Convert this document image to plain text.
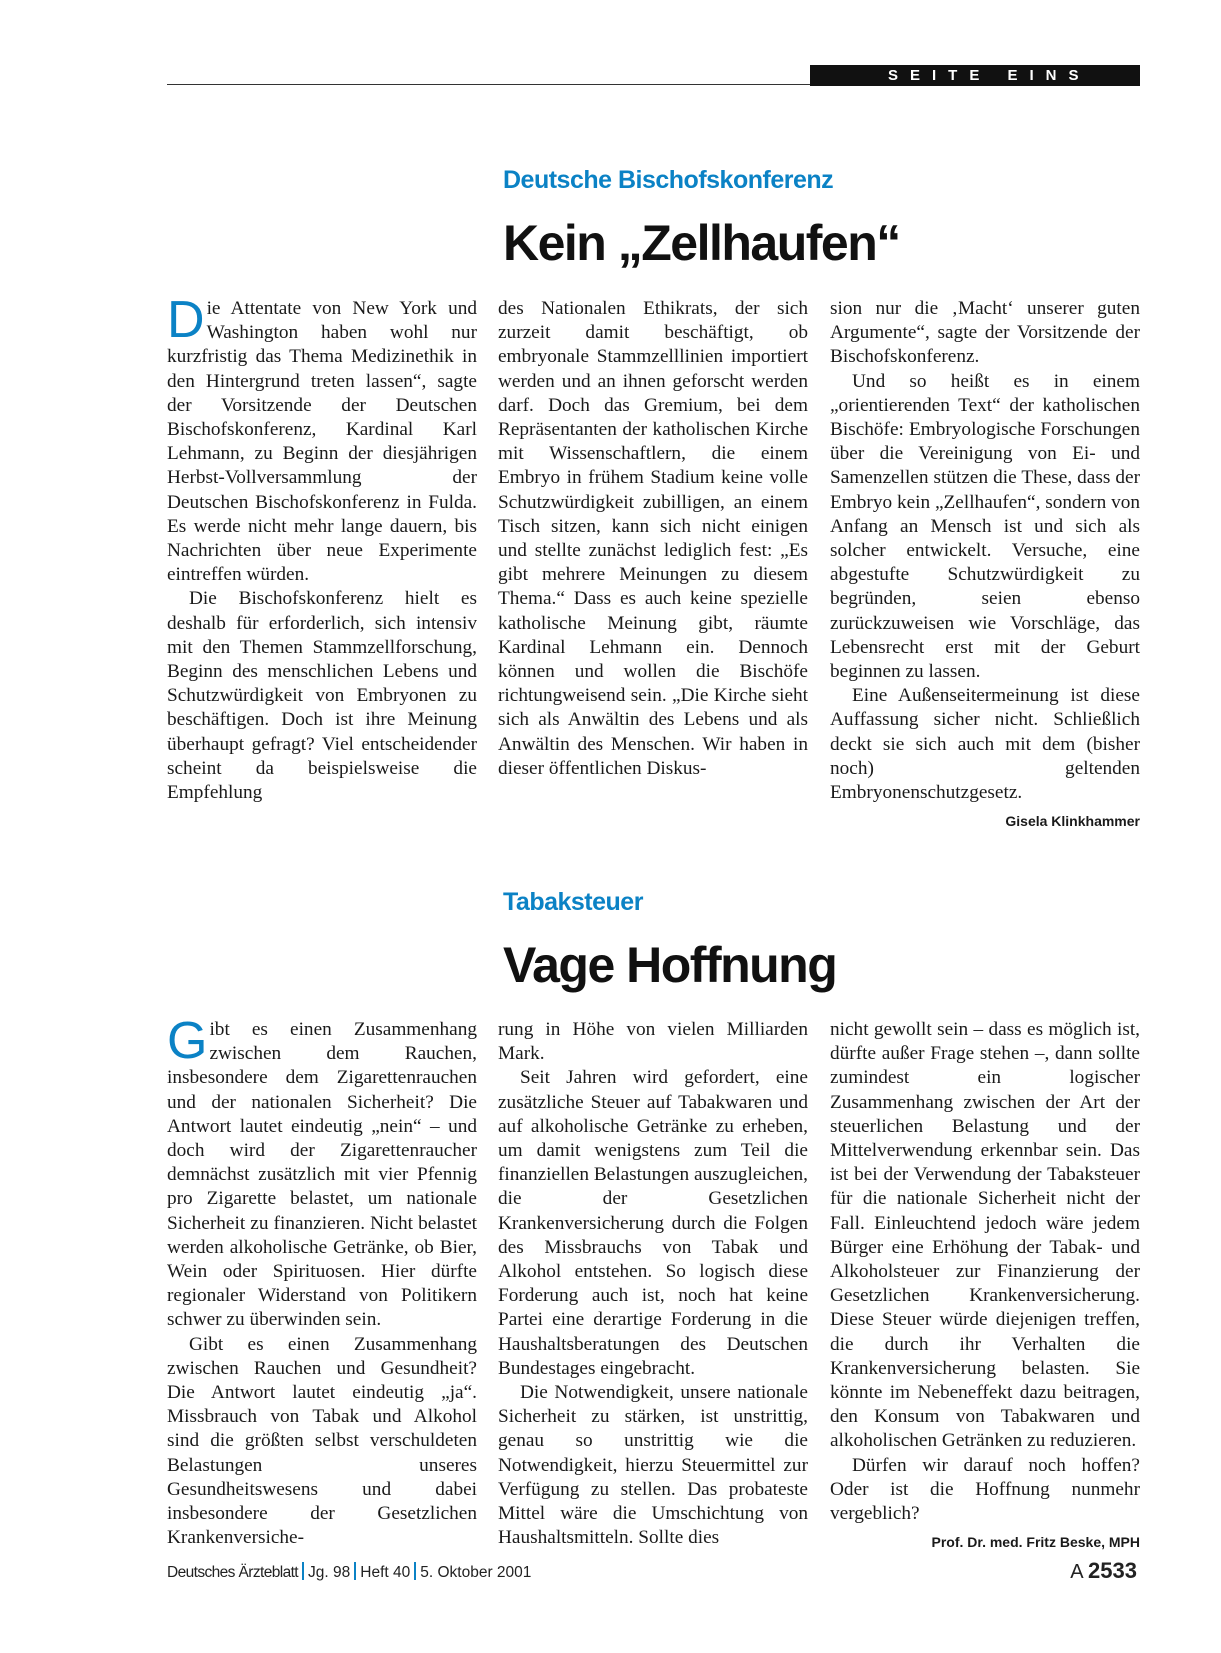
SEITE EINS
Deutsche Bischofskonferenz
Kein „Zellhaufen“

Die Attentate von New York und Washington haben wohl nur kurzfristig das Thema Medizinethik in den Hintergrund treten lassen“, sagte der Vorsitzende der Deutschen Bischofskonferenz, Kardinal Karl Lehmann, zu Beginn der diesjährigen Herbst-Vollversammlung der Deutschen Bischofskonferenz in Fulda. Es werde nicht mehr lange dauern, bis Nachrichten über neue Experimente eintreffen würden.

Die Bischofskonferenz hielt es deshalb für erforderlich, sich intensiv mit den Themen Stammzellforschung, Beginn des menschlichen Lebens und Schutzwürdigkeit von Embryonen zu beschäftigen. Doch ist ihre Meinung überhaupt gefragt? Viel entscheidender scheint da beispielsweise die Empfehlung

des Nationalen Ethikrats, der sich zurzeit damit beschäftigt, ob embryonale Stammzelllinien importiert werden und an ihnen geforscht werden darf. Doch das Gremium, bei dem Repräsentanten der katholischen Kirche mit Wissenschaftlern, die einem Embryo in frühem Stadium keine volle Schutzwürdigkeit zubilligen, an einem Tisch sitzen, kann sich nicht einigen und stellte zunächst lediglich fest: „Es gibt mehrere Meinungen zu diesem Thema.“ Dass es auch keine spezielle katholische Meinung gibt, räumte Kardinal Lehmann ein. Dennoch können und wollen die Bischöfe richtungweisend sein. „Die Kirche sieht sich als Anwältin des Lebens und als Anwältin des Menschen. Wir haben in dieser öffentlichen Diskus-

sion nur die ‚Macht‘ unserer guten Argumente“, sagte der Vorsitzende der Bischofskonferenz.

Und so heißt es in einem „orientierenden Text“ der katholischen Bischöfe: Embryologische Forschungen über die Vereinigung von Ei- und Samenzellen stützen die These, dass der Embryo kein „Zellhaufen“, sondern von Anfang an Mensch ist und sich als solcher entwickelt. Versuche, eine abgestufte Schutzwürdigkeit zu begründen, seien ebenso zurückzuweisen wie Vorschläge, das Lebensrecht erst mit der Geburt beginnen zu lassen.

Eine Außenseitermeinung ist diese Auffassung sicher nicht. Schließlich deckt sie sich auch mit dem (bisher noch) geltenden Embryonenschutzgesetz.
Gisela Klinkhammer

Tabaksteuer
Vage Hoffnung

Gibt es einen Zusammenhang zwischen dem Rauchen, insbesondere dem Zigarettenrauchen und der nationalen Sicherheit? Die Antwort lautet eindeutig „nein“ – und doch wird der Zigarettenraucher demnächst zusätzlich mit vier Pfennig pro Zigarette belastet, um nationale Sicherheit zu finanzieren. Nicht belastet werden alkoholische Getränke, ob Bier, Wein oder Spirituosen. Hier dürfte regionaler Widerstand von Politikern schwer zu überwinden sein.

Gibt es einen Zusammenhang zwischen Rauchen und Gesundheit? Die Antwort lautet eindeutig „ja“. Missbrauch von Tabak und Alkohol sind die größten selbst verschuldeten Belastungen unseres Gesundheitswesens und dabei insbesondere der Gesetzlichen Krankenversiche-

rung in Höhe von vielen Milliarden Mark.

Seit Jahren wird gefordert, eine zusätzliche Steuer auf Tabakwaren und auf alkoholische Getränke zu erheben, um damit wenigstens zum Teil die finanziellen Belastungen auszugleichen, die der Gesetzlichen Krankenversicherung durch die Folgen des Missbrauchs von Tabak und Alkohol entstehen. So logisch diese Forderung auch ist, noch hat keine Partei eine derartige Forderung in die Haushaltsberatungen des Deutschen Bundestages eingebracht.

Die Notwendigkeit, unsere nationale Sicherheit zu stärken, ist unstrittig, genau so unstrittig wie die Notwendigkeit, hierzu Steuermittel zur Verfügung zu stellen. Das probateste Mittel wäre die Umschichtung von Haushaltsmitteln. Sollte dies

nicht gewollt sein – dass es möglich ist, dürfte außer Frage stehen –, dann sollte zumindest ein logischer Zusammenhang zwischen der Art der steuerlichen Belastung und der Mittelverwendung erkennbar sein. Das ist bei der Verwendung der Tabaksteuer für die nationale Sicherheit nicht der Fall. Einleuchtend jedoch wäre jedem Bürger eine Erhöhung der Tabak- und Alkoholsteuer zur Finanzierung der Gesetzlichen Krankenversicherung. Diese Steuer würde diejenigen treffen, die durch ihr Verhalten die Krankenversicherung belasten. Sie könnte im Nebeneffekt dazu beitragen, den Konsum von Tabakwaren und alkoholischen Getränken zu reduzieren.

Dürfen wir darauf noch hoffen? Oder ist die Hoffnung nunmehr vergeblich?
Prof. Dr. med. Fritz Beske, MPH

Deutsches Ärzteblatt Jg. 98 Heft 40 5. Oktober 2001	A 2533
